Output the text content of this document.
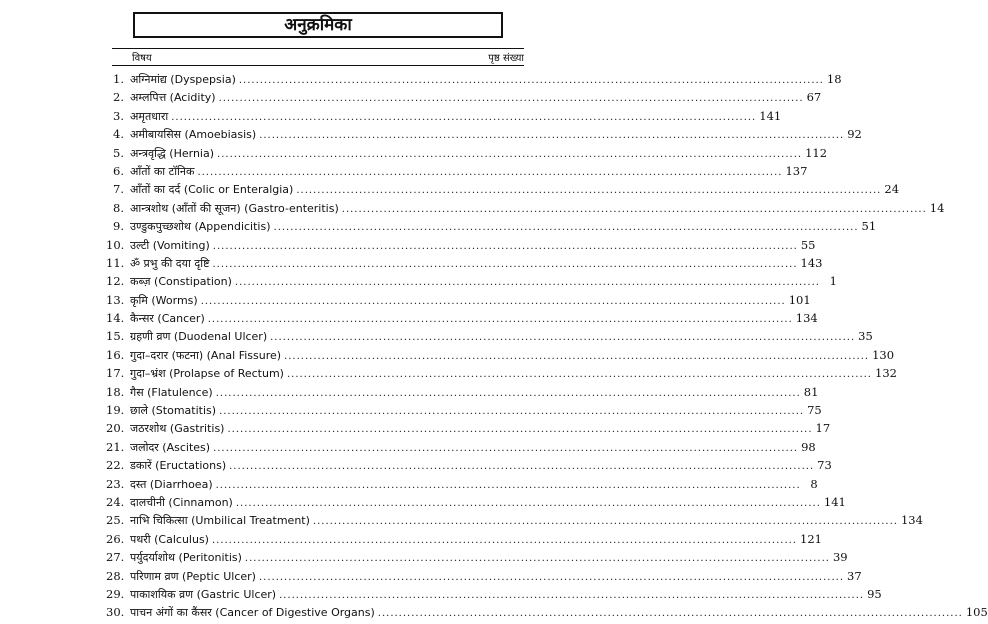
अनुक्रमिका
विषय	पृष्ठ संख्या
1. अग्निमांद्य (Dyspepsia) .....	18
2. अम्लपित्त (Acidity) .....	67
3. अमृतधारा .....	141
4. अमीबायसिस (Amoebiasis) .....	92
5. अन्त्रवृद्धि (Hernia) .....	112
6. आँतों का टॉनिक .....	137
7. आँतों का दर्द (Colic or Enteralgia) .....	24
8. आन्त्रशोथ (आँतों की सूजन) (Gastro-enteritis) .....	14
9. उण्डुकपुच्छशोथ (Appendicitis) .....	51
10. उल्टी (Vomiting) .....	55
11. ॐ प्रभु की दया दृष्टि .....	143
12. कब्ज़ (Constipation) .....	1
13. कृमि (Worms) .....	101
14. कैन्सर (Cancer) .....	134
15. ग्रहणी व्रण (Duodenal Ulcer) .....	35
16. गुदा–दरार (फटना) (Anal Fissure) .....	130
17. गुदा–भ्रंश (Prolapse of Rectum) .....	132
18. गैस (Flatulence) .....	81
19. छाले (Stomatitis) .....	75
20. जठरशोथ (Gastritis) .....	17
21. जलोदर (Ascites) .....	98
22. डकारें (Eructations) .....	73
23. दस्त (Diarrhoea) .....	8
24. दालचीनी (Cinnamon) .....	141
25. नाभि चिकित्सा (Umbilical Treatment) .....	134
26. पथरी (Calculus) .....	121
27. पर्युदर्याशोथ (Peritonitis) .....	39
28. परिणाम व्रण (Peptic Ulcer) .....	37
29. पाकाशयिक व्रण (Gastric Ulcer) .....	95
30. पाचन अंगों का कैंसर (Cancer of Digestive Organs) .....	105
